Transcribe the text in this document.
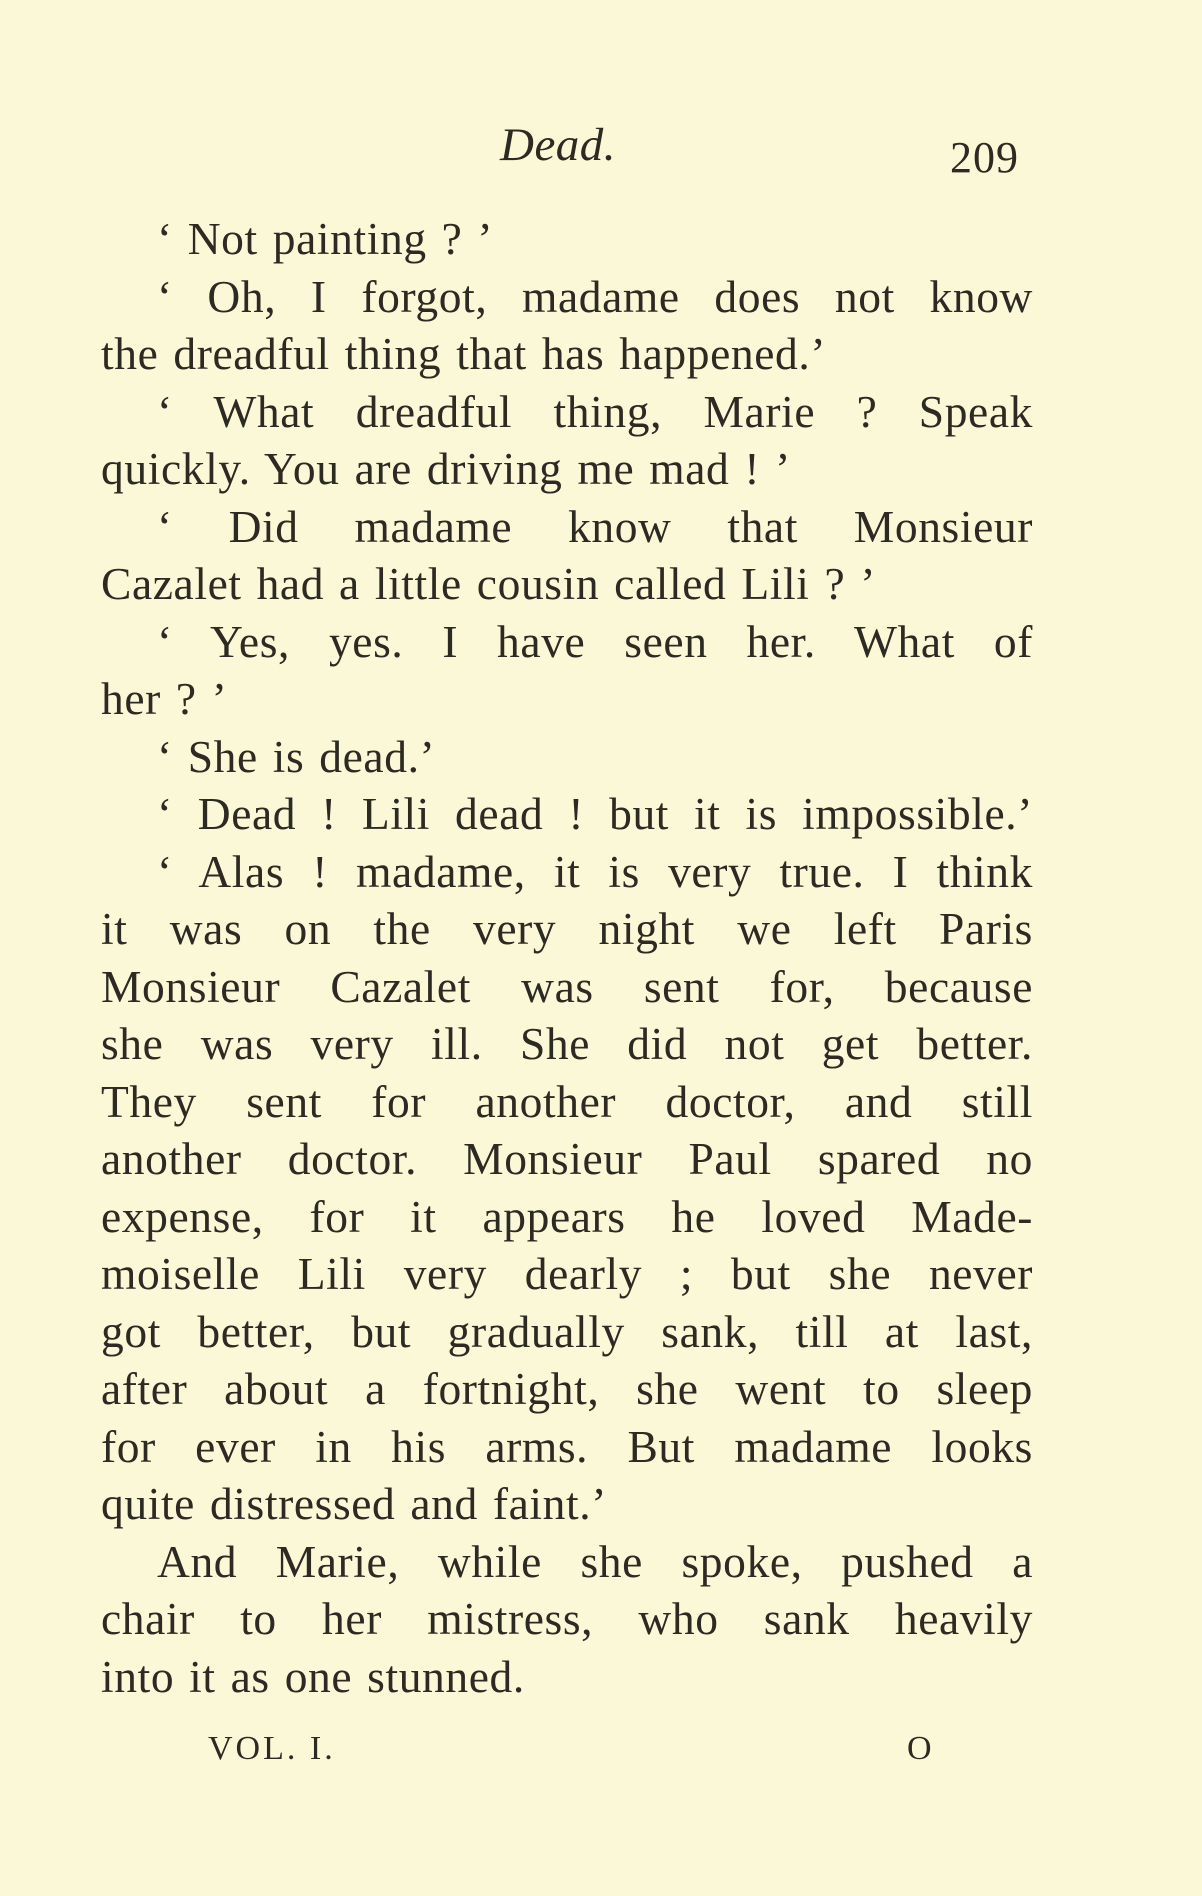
Dead.	209
‘ Not painting ? ’
‘ Oh, I forgot, madame does not know
the dreadful thing that has happened.’
‘ What dreadful thing, Marie ? Speak
quickly. You are driving me mad ! ’
‘ Did madame know that Monsieur
Cazalet had a little cousin called Lili ? ’
‘ Yes, yes. I have seen her. What of
her ? ’
‘ She is dead.’
‘ Dead ! Lili dead ! but it is impossible.’
‘ Alas ! madame, it is very true. I think
it was on the very night we left Paris
Monsieur Cazalet was sent for, because
she was very ill. She did not get better.
They sent for another doctor, and still
another doctor. Monsieur Paul spared no
expense, for it appears he loved Made-
moiselle Lili very dearly ; but she never
got better, but gradually sank, till at last,
after about a fortnight, she went to sleep
for ever in his arms. But madame looks
quite distressed and faint.’
And Marie, while she spoke, pushed a
chair to her mistress, who sank heavily
into it as one stunned.
VOL. I.	O
